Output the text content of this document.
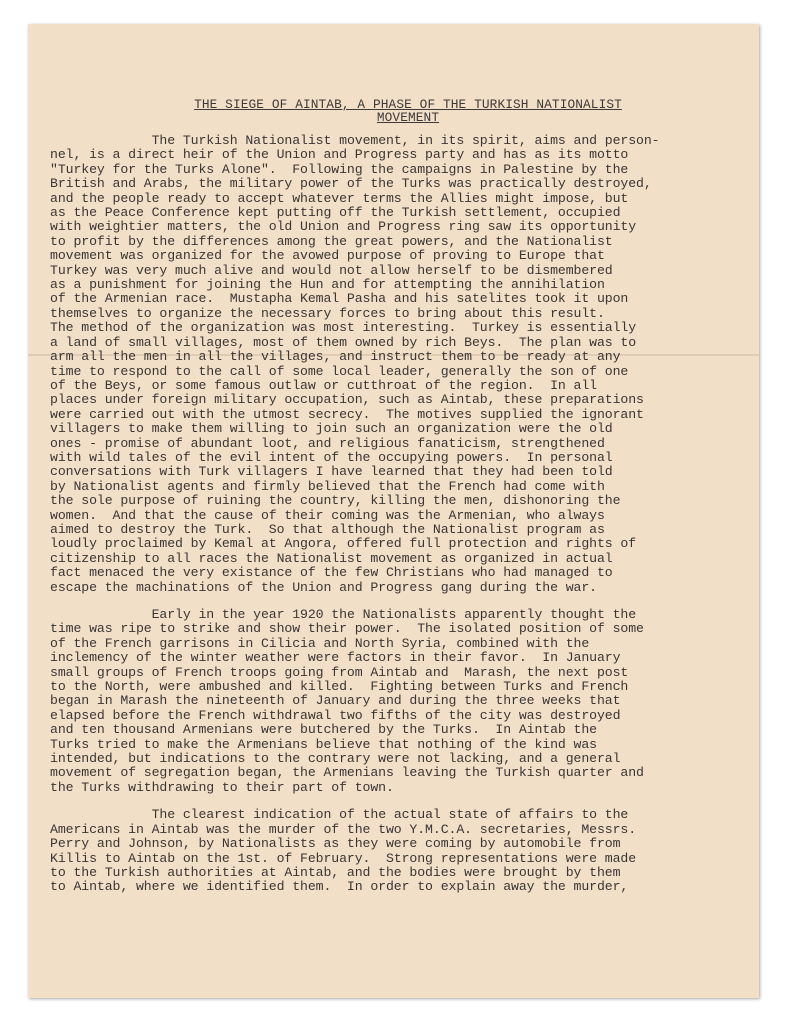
THE SIEGE OF AINTAB, A PHASE OF THE TURKISH NATIONALIST
MOVEMENT

The Turkish Nationalist movement, in its spirit, aims and person-
nel, is a direct heir of the Union and Progress party and has as its motto
"Turkey for the Turks Alone".  Following the campaigns in Palestine by the
British and Arabs, the military power of the Turks was practically destroyed,
and the people ready to accept whatever terms the Allies might impose, but
as the Peace Conference kept putting off the Turkish settlement, occupied
with weightier matters, the old Union and Progress ring saw its opportunity
to profit by the differences among the great powers, and the Nationalist
movement was organized for the avowed purpose of proving to Europe that
Turkey was very much alive and would not allow herself to be dismembered
as a punishment for joining the Hun and for attempting the annihilation
of the Armenian race.  Mustapha Kemal Pasha and his satelites took it upon
themselves to organize the necessary forces to bring about this result.
The method of the organization was most interesting.  Turkey is essentially
a land of small villages, most of them owned by rich Beys.  The plan was to
arm all the men in all the villages, and instruct them to be ready at any
time to respond to the call of some local leader, generally the son of one
of the Beys, or some famous outlaw or cutthroat of the region.  In all
places under foreign military occupation, such as Aintab, these preparations
were carried out with the utmost secrecy.  The motives supplied the ignorant
villagers to make them willing to join such an organization were the old
ones - promise of abundant loot, and religious fanaticism, strengthened
with wild tales of the evil intent of the occupying powers.  In personal
conversations with Turk villagers I have learned that they had been told
by Nationalist agents and firmly believed that the French had come with
the sole purpose of ruining the country, killing the men, dishonoring the
women.  And that the cause of their coming was the Armenian, who always
aimed to destroy the Turk.  So that although the Nationalist program as
loudly proclaimed by Kemal at Angora, offered full protection and rights of
citizenship to all races the Nationalist movement as organized in actual
fact menaced the very existance of the few Christians who had managed to
escape the machinations of the Union and Progress gang during the war.

Early in the year 1920 the Nationalists apparently thought the
time was ripe to strike and show their power.  The isolated position of some
of the French garrisons in Cilicia and North Syria, combined with the
inclemency of the winter weather were factors in their favor.  In January
small groups of French troops going from Aintab and  Marash, the next post
to the North, were ambushed and killed.  Fighting between Turks and French
began in Marash the nineteenth of January and during the three weeks that
elapsed before the French withdrawal two fifths of the city was destroyed
and ten thousand Armenians were butchered by the Turks.  In Aintab the
Turks tried to make the Armenians believe that nothing of the kind was
intended, but indications to the contrary were not lacking, and a general
movement of segregation began, the Armenians leaving the Turkish quarter and
the Turks withdrawing to their part of town.

The clearest indication of the actual state of affairs to the
Americans in Aintab was the murder of the two Y.M.C.A. secretaries, Messrs.
Perry and Johnson, by Nationalists as they were coming by automobile from
Killis to Aintab on the 1st. of February.  Strong representations were made
to the Turkish authorities at Aintab, and the bodies were brought by them
to Aintab, where we identified them.  In order to explain away the murder,
